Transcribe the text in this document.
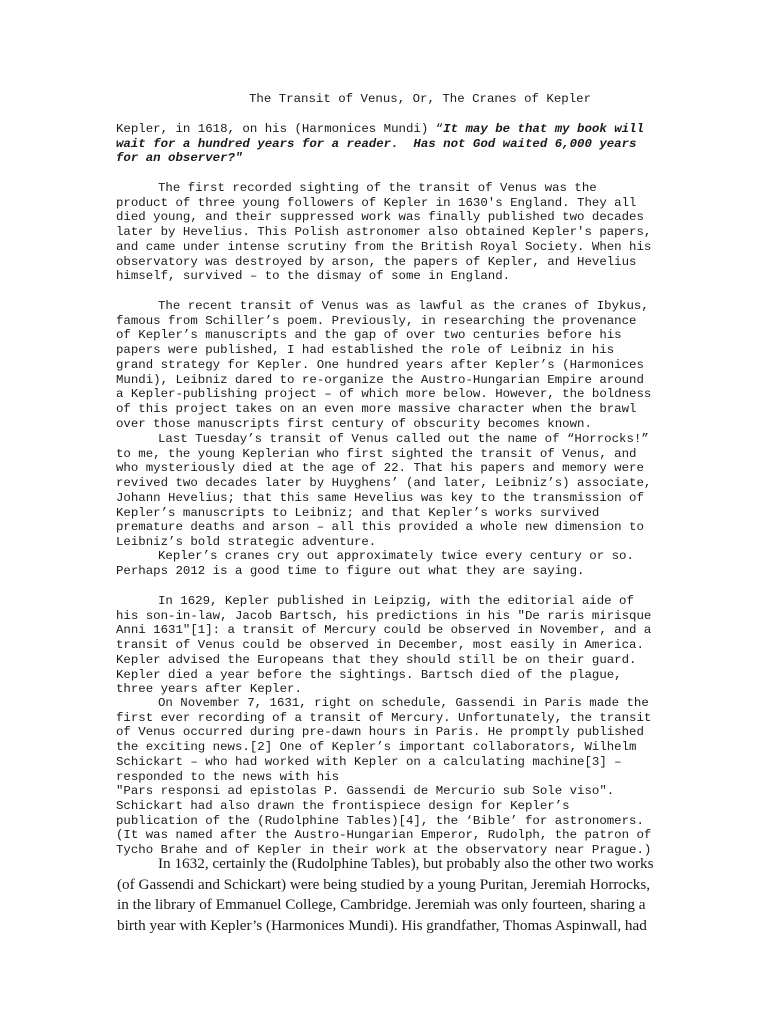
The Transit of Venus, Or, The Cranes of Kepler
Kepler, in 1618, on his (Harmonices Mundi) “It may be that my book will
wait for a hundred years for a reader.  Has not God waited 6,000 years
for an observer?"
The first recorded sighting of the transit of Venus was the
product of three young followers of Kepler in 1630's England. They all
died young, and their suppressed work was finally published two decades
later by Hevelius. This Polish astronomer also obtained Kepler's papers,
and came under intense scrutiny from the British Royal Society. When his
observatory was destroyed by arson, the papers of Kepler, and Hevelius
himself, survived – to the dismay of some in England.
The recent transit of Venus was as lawful as the cranes of Ibykus,
famous from Schiller’s poem. Previously, in researching the provenance
of Kepler’s manuscripts and the gap of over two centuries before his
papers were published, I had established the role of Leibniz in his
grand strategy for Kepler. One hundred years after Kepler’s (Harmonices
Mundi), Leibniz dared to re-organize the Austro-Hungarian Empire around
a Kepler-publishing project – of which more below. However, the boldness
of this project takes on an even more massive character when the brawl
over those manuscripts first century of obscurity becomes known.
Last Tuesday’s transit of Venus called out the name of “Horrocks!”
to me, the young Keplerian who first sighted the transit of Venus, and
who mysteriously died at the age of 22. That his papers and memory were
revived two decades later by Huyghens’ (and later, Leibniz’s) associate,
Johann Hevelius; that this same Hevelius was key to the transmission of
Kepler’s manuscripts to Leibniz; and that Kepler’s works survived
premature deaths and arson – all this provided a whole new dimension to
Leibniz’s bold strategic adventure.
Kepler’s cranes cry out approximately twice every century or so.
Perhaps 2012 is a good time to figure out what they are saying.
In 1629, Kepler published in Leipzig, with the editorial aide of
his son-in-law, Jacob Bartsch, his predictions in his "De raris mirisque
Anni 1631"[1]: a transit of Mercury could be observed in November, and a
transit of Venus could be observed in December, most easily in America.
Kepler advised the Europeans that they should still be on their guard.
Kepler died a year before the sightings. Bartsch died of the plague,
three years after Kepler.
On November 7, 1631, right on schedule, Gassendi in Paris made the
first ever recording of a transit of Mercury. Unfortunately, the transit
of Venus occurred during pre-dawn hours in Paris. He promptly published
the exciting news.[2] One of Kepler’s important collaborators, Wilhelm
Schickart – who had worked with Kepler on a calculating machine[3] –
responded to the news with his
"Pars responsi ad epistolas P. Gassendi de Mercurio sub Sole viso".
Schickart had also drawn the frontispiece design for Kepler’s
publication of the (Rudolphine Tables)[4], the ‘Bible’ for astronomers.
(It was named after the Austro-Hungarian Emperor, Rudolph, the patron of
Tycho Brahe and of Kepler in their work at the observatory near Prague.)
In 1632, certainly the (Rudolphine Tables), but probably also the other two works
(of Gassendi and Schickart) were being studied by a young Puritan, Jeremiah Horrocks,
in the library of Emmanuel College, Cambridge. Jeremiah was only fourteen, sharing a
birth year with Kepler’s (Harmonices Mundi). His grandfather, Thomas Aspinwall, had
